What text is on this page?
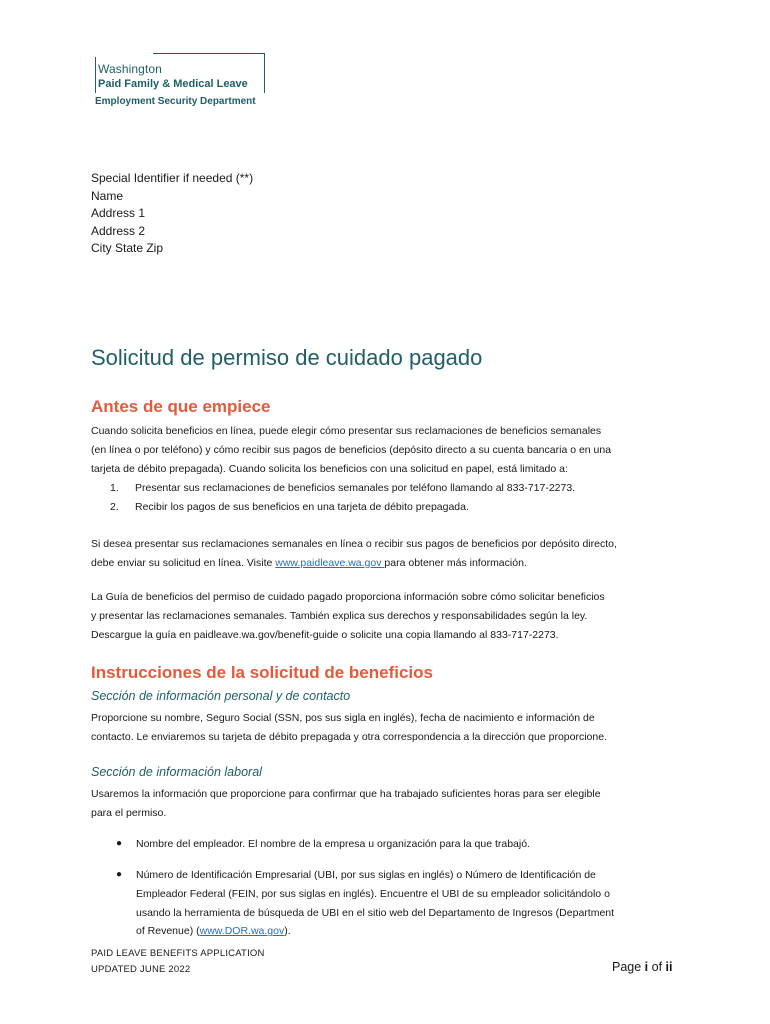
Washington
Paid Family & Medical Leave
Employment Security Department
Special Identifier if needed (**)
Name
Address 1
Address 2
City State Zip
Solicitud de permiso de cuidado pagado
Antes de que empiece
Cuando solicita beneficios en línea, puede elegir cómo presentar sus reclamaciones de beneficios semanales
(en línea o por teléfono) y cómo recibir sus pagos de beneficios (depósito directo a su cuenta bancaria o en una
tarjeta de débito prepagada). Cuando solicita los beneficios con una solicitud en papel, está limitado a:
1. Presentar sus reclamaciones de beneficios semanales por teléfono llamando al 833-717-2273.
2. Recibir los pagos de sus beneficios en una tarjeta de débito prepagada.
Si desea presentar sus reclamaciones semanales en línea o recibir sus pagos de beneficios por depósito directo,
debe enviar su solicitud en línea. Visite www.paidleave.wa.gov para obtener más información.
La Guía de beneficios del permiso de cuidado pagado proporciona información sobre cómo solicitar beneficios
y presentar las reclamaciones semanales. También explica sus derechos y responsabilidades según la ley.
Descargue la guía en paidleave.wa.gov/benefit-guide o solicite una copia llamando al 833-717-2273.
Instrucciones de la solicitud de beneficios
Sección de información personal y de contacto
Proporcione su nombre, Seguro Social (SSN, pos sus sigla en inglés), fecha de nacimiento e información de
contacto. Le enviaremos su tarjeta de débito prepagada y otra correspondencia a la dirección que proporcione.
Sección de información laboral
Usaremos la información que proporcione para confirmar que ha trabajado suficientes horas para ser elegible
para el permiso.
● Nombre del empleador. El nombre de la empresa u organización para la que trabajó.
● Número de Identificación Empresarial (UBI, por sus siglas en inglés) o Número de Identificación de
Empleador Federal (FEIN, por sus siglas en inglés). Encuentre el UBI de su empleador solicitándolo o
usando la herramienta de búsqueda de UBI en el sitio web del Departamento de Ingresos (Department
of Revenue) (www.DOR.wa.gov).
PAID LEAVE BENEFITS APPLICATION
UPDATED JUNE 2022	Page i of ii
